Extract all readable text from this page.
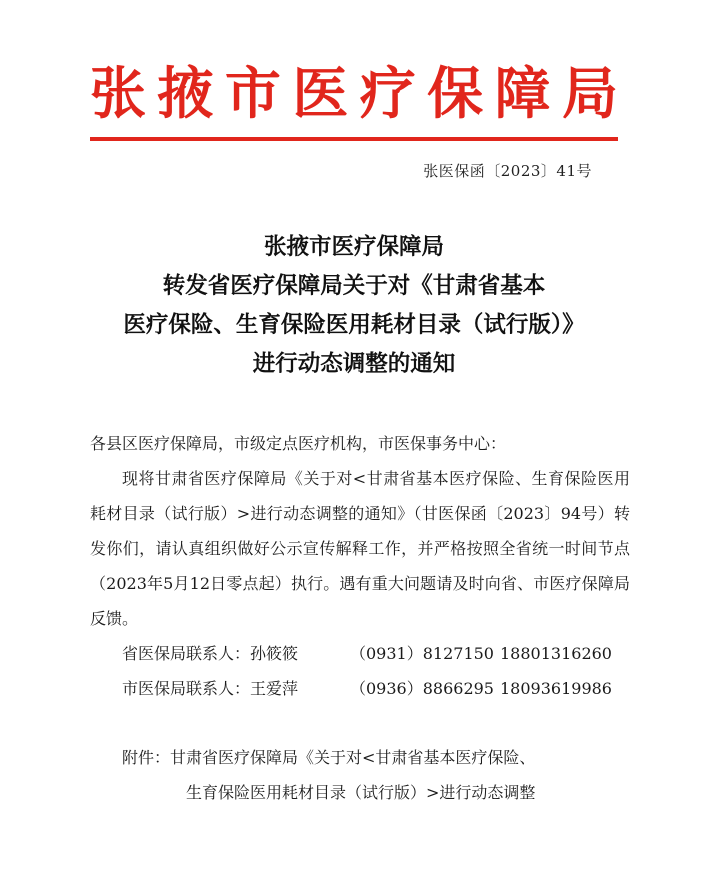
张 掖 市 医 疗 保 障 局
张医保函〔2023〕41号
张掖市医疗保障局
转发省医疗保障局关于对《甘肃省基本
医疗保险、生育保险医用耗材目录（试行版）》
进行动态调整的通知

各县区医疗保障局，市级定点医疗机构，市医保事务中心：

现将甘肃省医疗保障局《关于对<甘肃省基本医疗保险、生育保险医用耗材目录（试行版）>进行动态调整的通知》（甘医保函〔2023〕94号）转发你们，请认真组织做好公示宣传解释工作，并严格按照全省统一时间节点（2023年5月12日零点起）执行。遇有重大问题请及时向省、市医疗保障局反馈。

省医保局联系人： 孙筱筱	（0931）8127150 18801316260
市医保局联系人： 王爱萍	（0936）8866295 18093619986
附件：甘肃省医疗保障局《关于对<甘肃省基本医疗保险、
生育保险医用耗材目录（试行版）>进行动态调整
